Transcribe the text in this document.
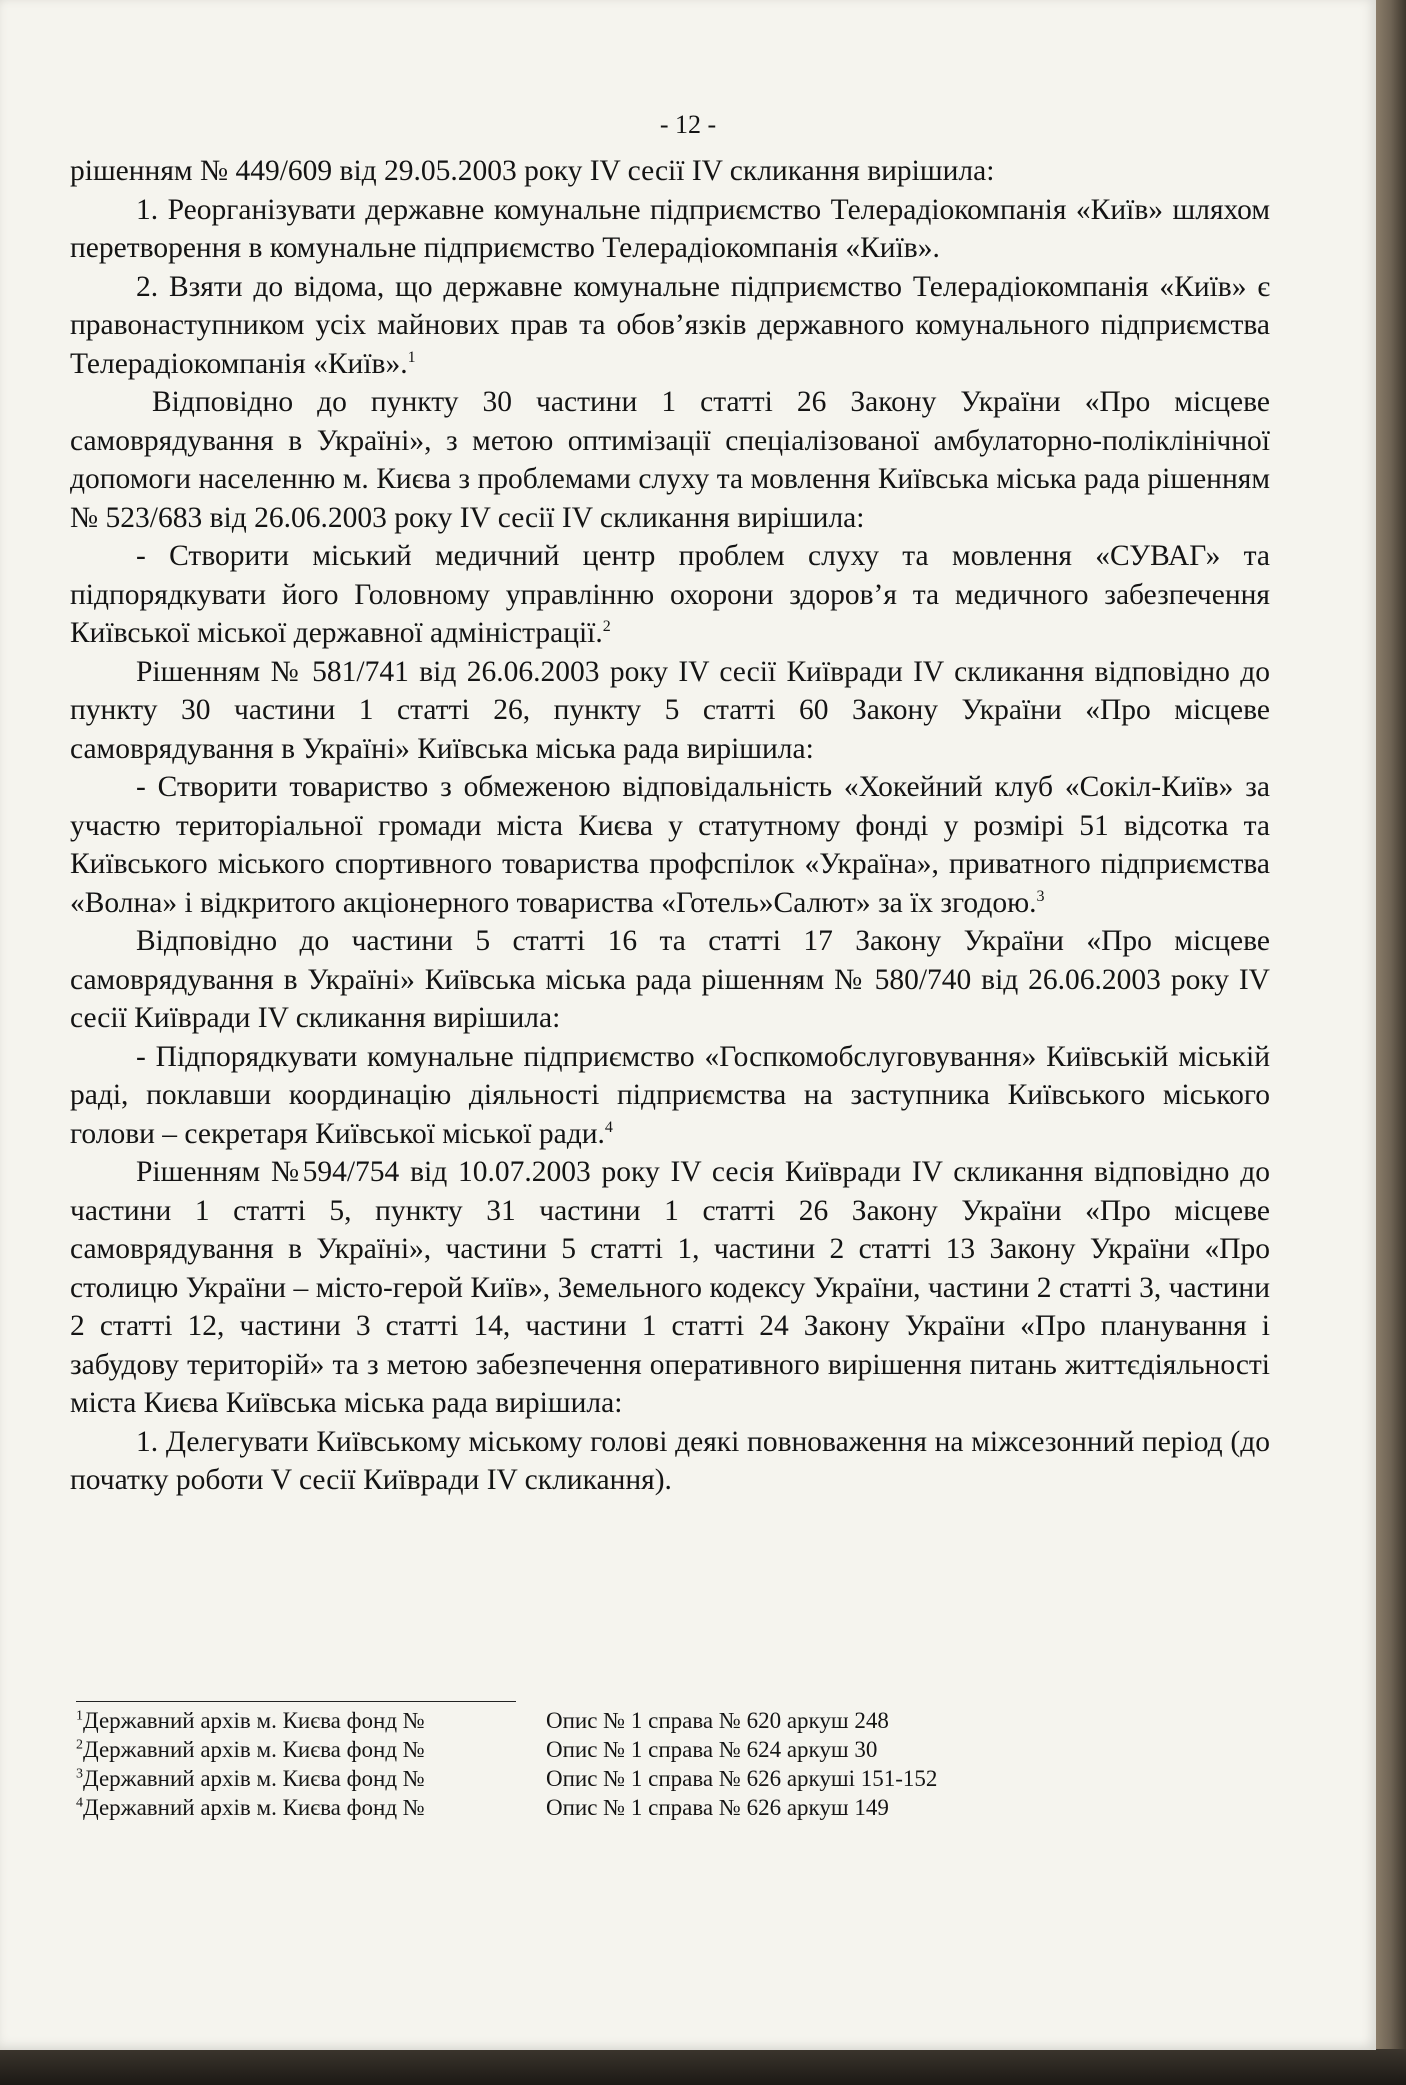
- 12 -

рішенням № 449/609 від 29.05.2003 року IV сесії IV скликання вирішила:

1. Реорганізувати державне комунальне підприємство Телерадіокомпанія «Київ» шляхом перетворення в комунальне підприємство Телерадіокомпанія «Київ».

2. Взяти до відома, що державне комунальне підприємство Телерадіокомпанія «Київ» є правонаступником усіх майнових прав та обов’язків державного комунального підприємства Телерадіокомпанія «Київ».$^1$

Відповідно до пункту 30 частини 1 статті 26 Закону України «Про місцеве самоврядування в Україні», з метою оптимізації спеціалізованої амбулаторно-поліклінічної допомоги населенню м. Києва з проблемами слуху та мовлення Київська міська рада рішенням № 523/683 від 26.06.2003 року IV сесії IV скликання вирішила:

- Створити міський медичний центр проблем слуху та мовлення «СУВАГ» та підпорядкувати його Головному управлінню охорони здоров’я та медичного забезпечення Київської міської державної адміністрації.$^2$

Рішенням № 581/741 від 26.06.2003 року IV сесії Київради IV скликання відповідно до пункту 30 частини 1 статті 26, пункту 5 статті 60 Закону України «Про місцеве самоврядування в Україні» Київська міська рада вирішила:

- Створити товариство з обмеженою відповідальність «Хокейний клуб «Сокіл-Київ» за участю територіальної громади міста Києва у статутному фонді у розмірі 51 відсотка та Київського міського спортивного товариства профспілок «Україна», приватного підприємства «Волна» і відкритого акціонерного товариства «Готель»Салют» за їх згодою.$^3$

Відповідно до частини 5 статті 16 та статті 17 Закону України «Про місцеве самоврядування в Україні» Київська міська рада рішенням № 580/740 від 26.06.2003 року IV сесії Київради IV скликання вирішила:

- Підпорядкувати комунальне підприємство «Госпкомобслуговування» Київській міській раді, поклавши координацію діяльності підприємства на заступника Київського міського голови – секретаря Київської міської ради.$^4$

Рішенням №594/754 від 10.07.2003 року IV сесія Київради IV скликання відповідно до частини 1 статті 5, пункту 31 частини 1 статті 26 Закону України «Про місцеве самоврядування в Україні», частини 5 статті 1, частини 2 статті 13 Закону України «Про столицю України – місто-герой Київ», Земельного кодексу України, частини 2 статті 3, частини 2 статті 12, частини 3 статті 14, частини 1 статті 24 Закону України «Про планування і забудову територій» та з метою забезпечення оперативного вирішення питань життєдіяльності міста Києва Київська міська рада вирішила:

1. Делегувати Київському міському голові деякі повноваження на міжсезонний період (до початку роботи V сесії Київради IV скликання).

$^1$Державний архів м. Києва фонд №	Опис № 1 справа № 620 аркуш 248
$^2$Державний архів м. Києва фонд №	Опис № 1 справа № 624 аркуш 30
$^3$Державний архів м. Києва фонд №	Опис № 1 справа № 626 аркуші 151-152
$^4$Державний архів м. Києва фонд №	Опис № 1 справа № 626 аркуш 149
